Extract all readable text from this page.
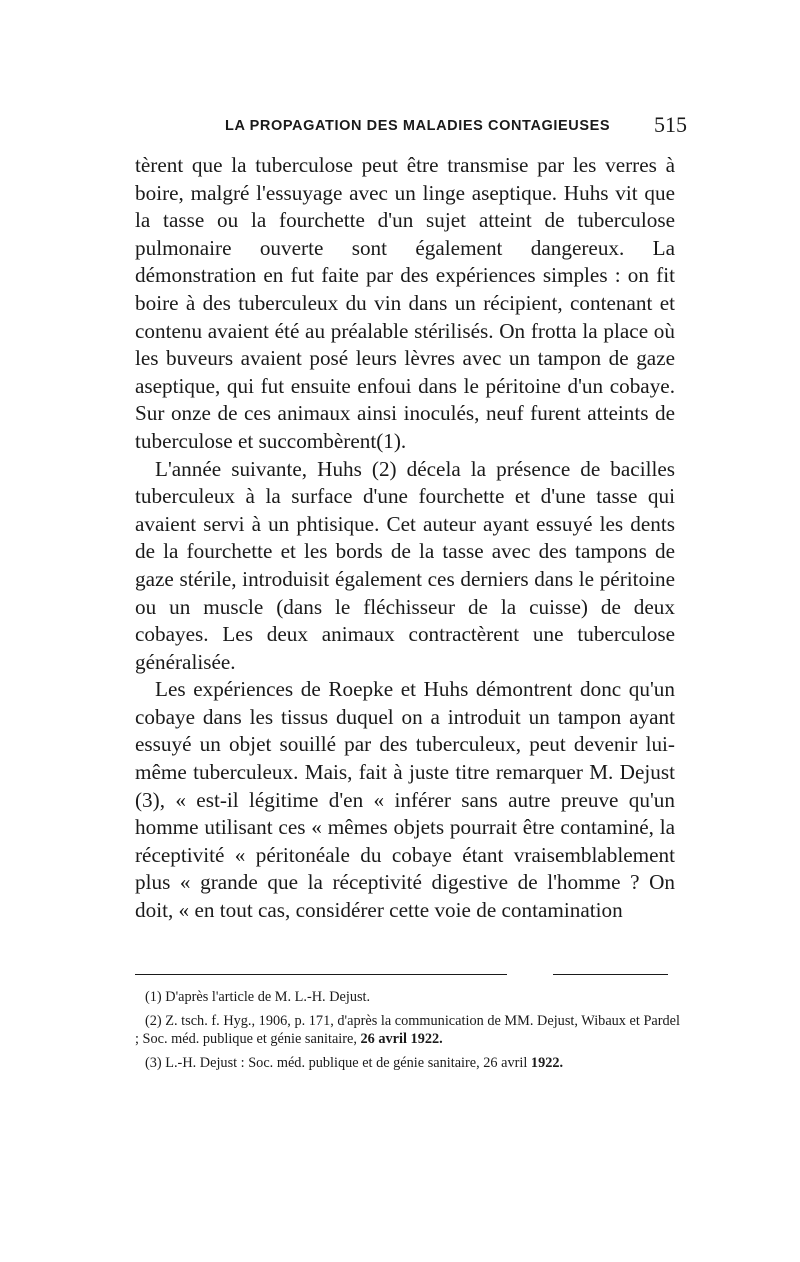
LA PROPAGATION DES MALADIES CONTAGIEUSES 515

tèrent que la tuberculose peut être transmise par les verres à boire, malgré l'essuyage avec un linge aseptique. Huhs vit que la tasse ou la fourchette d'un sujet atteint de tuberculose pulmonaire ouverte sont également dangereux. La démonstration en fut faite par des expériences simples : on fit boire à des tuberculeux du vin dans un récipient, contenant et contenu avaient été au préalable stérilisés. On frotta la place où les buveurs avaient posé leurs lèvres avec un tampon de gaze aseptique, qui fut ensuite enfoui dans le péritoine d'un cobaye. Sur onze de ces animaux ainsi inoculés, neuf furent atteints de tuberculose et succombèrent(1).

L'année suivante, Huhs (2) décela la présence de bacilles tuberculeux à la surface d'une fourchette et d'une tasse qui avaient servi à un phtisique. Cet auteur ayant essuyé les dents de la fourchette et les bords de la tasse avec des tampons de gaze stérile, introduisit également ces derniers dans le péritoine ou un muscle (dans le fléchisseur de la cuisse) de deux cobayes. Les deux animaux contractèrent une tuberculose généralisée.

Les expériences de Roepke et Huhs démontrent donc qu'un cobaye dans les tissus duquel on a introduit un tampon ayant essuyé un objet souillé par des tuberculeux, peut devenir lui-même tuberculeux. Mais, fait à juste titre remarquer M. Dejust (3), « est-il légitime d'en « inférer sans autre preuve qu'un homme utilisant ces « mêmes objets pourrait être contaminé, la réceptivité « péritonéale du cobaye étant vraisemblablement plus « grande que la réceptivité digestive de l'homme ? On doit, « en tout cas, considérer cette voie de contamination

(1) D'après l'article de M. L.-H. Dejust.

(2) Z. tsch. f. Hyg., 1906, p. 171, d'après la communication de MM. Dejust, Wibaux et Pardel ; Soc. méd. publique et génie sanitaire, 26 avril 1922.

(3) L.-H. Dejust : Soc. méd. publique et de génie sanitaire, 26 avril 1922.
